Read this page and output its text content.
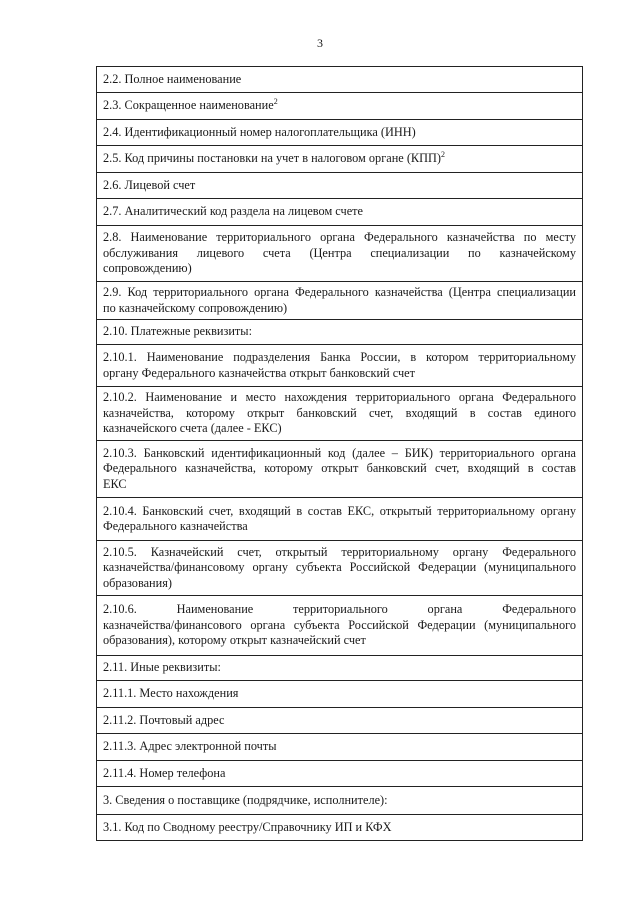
3
2.2. Полное наименование
2.3. Сокращенное наименование$^2$
2.4. Идентификационный номер налогоплательщика (ИНН)
2.5. Код причины постановки на учет в налоговом органе (КПП)$^2$
2.6. Лицевой счет
2.7. Аналитический код раздела на лицевом счете
2.8. Наименование территориального органа Федерального казначейства по месту
обслуживания лицевого счета (Центра специализации по казначейскому
сопровождению)
2.9. Код территориального органа Федерального казначейства (Центра специализации
по казначейскому сопровождению)
2.10. Платежные реквизиты:
2.10.1. Наименование подразделения Банка России, в котором территориальному
органу Федерального казначейства открыт банковский счет
2.10.2. Наименование и место нахождения территориального органа Федерального
казначейства, которому открыт банковский счет, входящий в состав единого
казначейского счета (далее - ЕКС)
2.10.3. Банковский идентификационный код (далее – БИК) территориального органа
Федерального казначейства, которому открыт банковский счет, входящий в состав
ЕКС
2.10.4. Банковский счет, входящий в состав ЕКС, открытый территориальному органу
Федерального казначейства
2.10.5. Казначейский счет, открытый территориальному органу Федерального
казначейства/финансовому органу субъекта Российской Федерации (муниципального
образования)
2.10.6. Наименование территориального органа Федерального
казначейства/финансового органа субъекта Российской Федерации (муниципального
образования), которому открыт казначейский счет
2.11. Иные реквизиты:
2.11.1. Место нахождения
2.11.2. Почтовый адрес
2.11.3. Адрес электронной почты
2.11.4. Номер телефона
3. Сведения о поставщике (подрядчике, исполнителе):
3.1. Код по Сводному реестру/Справочнику ИП и КФХ
